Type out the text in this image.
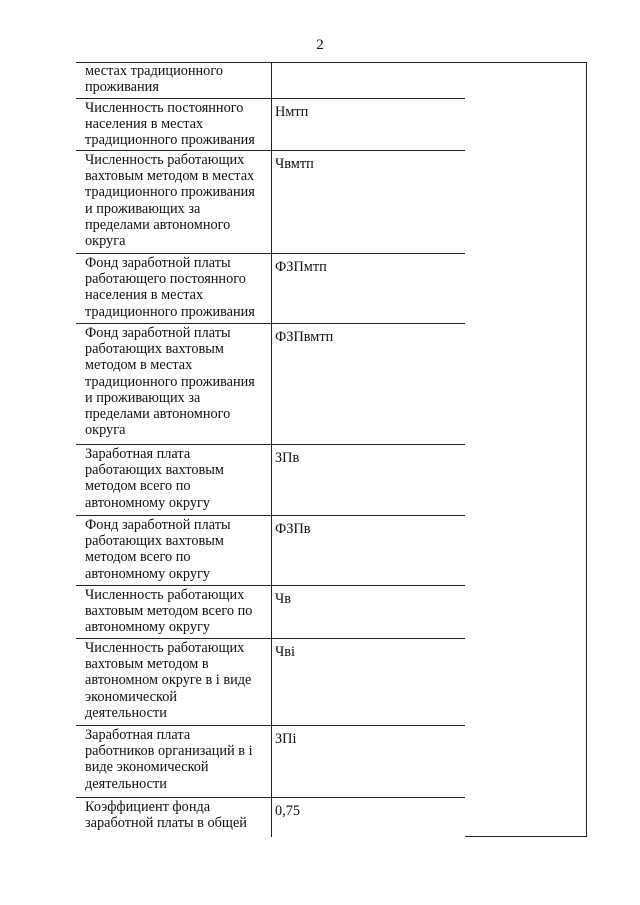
2
местах традиционного
проживания
Численность постоянного
населения в местах
традиционного проживания
Нмтп
Численность работающих
вахтовым методом в местах
традиционного проживания
и проживающих за
пределами автономного
округа
Чвмтп
Фонд заработной платы
работающего постоянного
населения в местах
традиционного проживания
ФЗПмтп
Фонд заработной платы
работающих вахтовым
методом в местах
традиционного проживания
и проживающих за
пределами автономного
округа
ФЗПвмтп
Заработная плата
работающих вахтовым
методом всего по
автономному округу
ЗПв
Фонд заработной платы
работающих вахтовым
методом всего по
автономному округу
ФЗПв
Численность работающих
вахтовым методом всего по
автономному округу
Чв
Численность работающих
вахтовым методом в
автономном округе в i виде
экономической
деятельности
Чвi
Заработная плата
работников организаций в i
виде экономической
деятельности
ЗПi
Коэффициент фонда
заработной платы в общей
0,75
